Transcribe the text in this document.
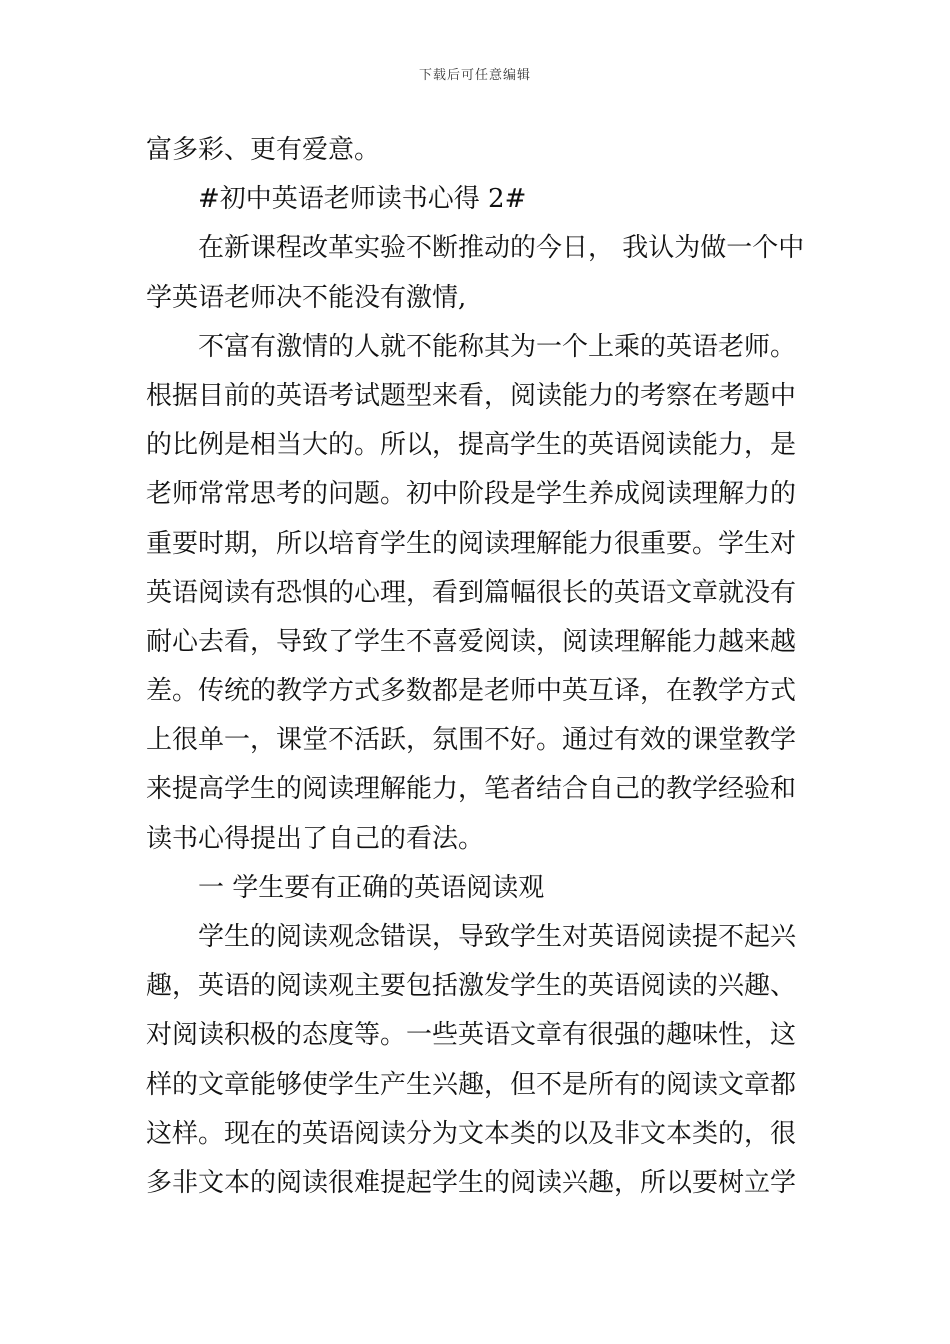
下载后可任意编辑
富多彩、更有爱意。
#初中英语老师读书心得 2#
在新课程改革实验不断推动的今日， 我认为做一个中
学英语老师决不能没有激情,
不富有激情的人就不能称其为一个上乘的英语老师。
根据目前的英语考试题型来看，阅读能力的考察在考题中
的比例是相当大的。所以，提高学生的英语阅读能力，是
老师常常思考的问题。初中阶段是学生养成阅读理解力的
重要时期，所以培育学生的阅读理解能力很重要。学生对
英语阅读有恐惧的心理，看到篇幅很长的英语文章就没有
耐心去看，导致了学生不喜爱阅读，阅读理解能力越来越
差。传统的教学方式多数都是老师中英互译，在教学方式
上很单一，课堂不活跃，氛围不好。通过有效的课堂教学
来提高学生的阅读理解能力，笔者结合自己的教学经验和
读书心得提出了自己的看法。
一 学生要有正确的英语阅读观
学生的阅读观念错误，导致学生对英语阅读提不起兴
趣，英语的阅读观主要包括激发学生的英语阅读的兴趣、
对阅读积极的态度等。一些英语文章有很强的趣味性，这
样的文章能够使学生产生兴趣，但不是所有的阅读文章都
这样。现在的英语阅读分为文本类的以及非文本类的，很
多非文本的阅读很难提起学生的阅读兴趣，所以要树立学
